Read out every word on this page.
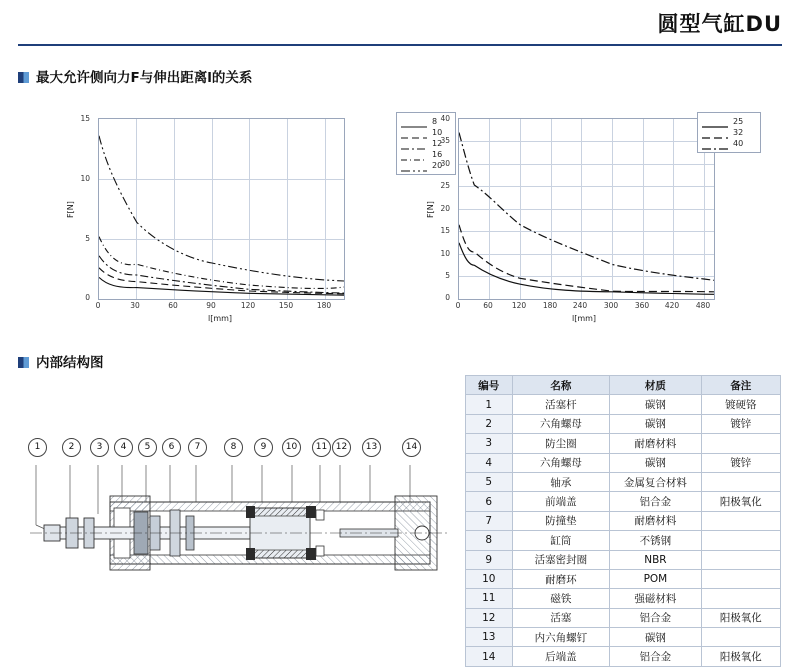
圆型气缸DU
最大允许侧向力F与伸出距离l的关系
15
10
5
0
0	30	60	90	120	150	180
l[mm]
F[N]
8
10
12
16
20
40
35
30
25
20
15
10
5
0
0	60	120	180	240	300	360	420	480
l[mm]
F[N]
25
32
40
内部结构图
1	2	3	4	5	6	7	8	9	10	11 12	13	14
编号	名称	材质	备注
1	活塞杆	碳钢	镀硬铬
2	六角螺母	碳钢	镀锌
3	防尘圈	耐磨材料	
4	六角螺母	碳钢	镀锌
5	轴承	金属复合材料	
6	前端盖	铝合金	阳极氧化
7	防撞垫	耐磨材料	
8	缸筒	不锈钢	
9	活塞密封圈	NBR	
10	耐磨环	POM	
11	磁铁	强磁材料	
12	活塞	铝合金	阳极氧化
13	内六角螺钉	碳钢	
14	后端盖	铝合金	阳极氧化
